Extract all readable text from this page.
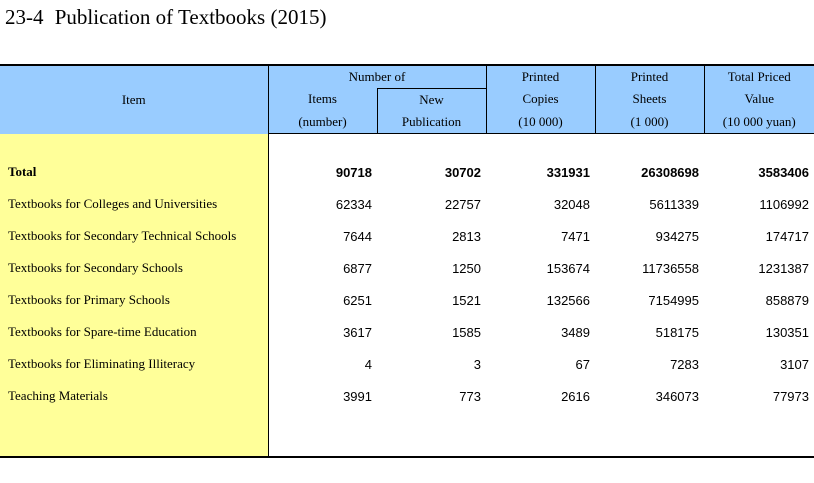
23-4 Publication of Textbooks (2015)
Item	Number of		Printed	Printed	Total Priced
	Items	New	Copies	Sheets	Value
	(number)	Publication	(10 000)	(1 000)	(10 000 yuan)

Total	90718	30702	331931	26308698	3583406
Textbooks for Colleges and Universities	62334	22757	32048	5611339	1106992
Textbooks for Secondary Technical Schools	7644	2813	7471	934275	174717
Textbooks for Secondary Schools	6877	1250	153674	11736558	1231387
Textbooks for Primary Schools	6251	1521	132566	7154995	858879
Textbooks for Spare-time Education	3617	1585	3489	518175	130351
Textbooks for Eliminating Illiteracy	4	3	67	7283	3107
Teaching Materials	3991	773	2616	346073	77973
